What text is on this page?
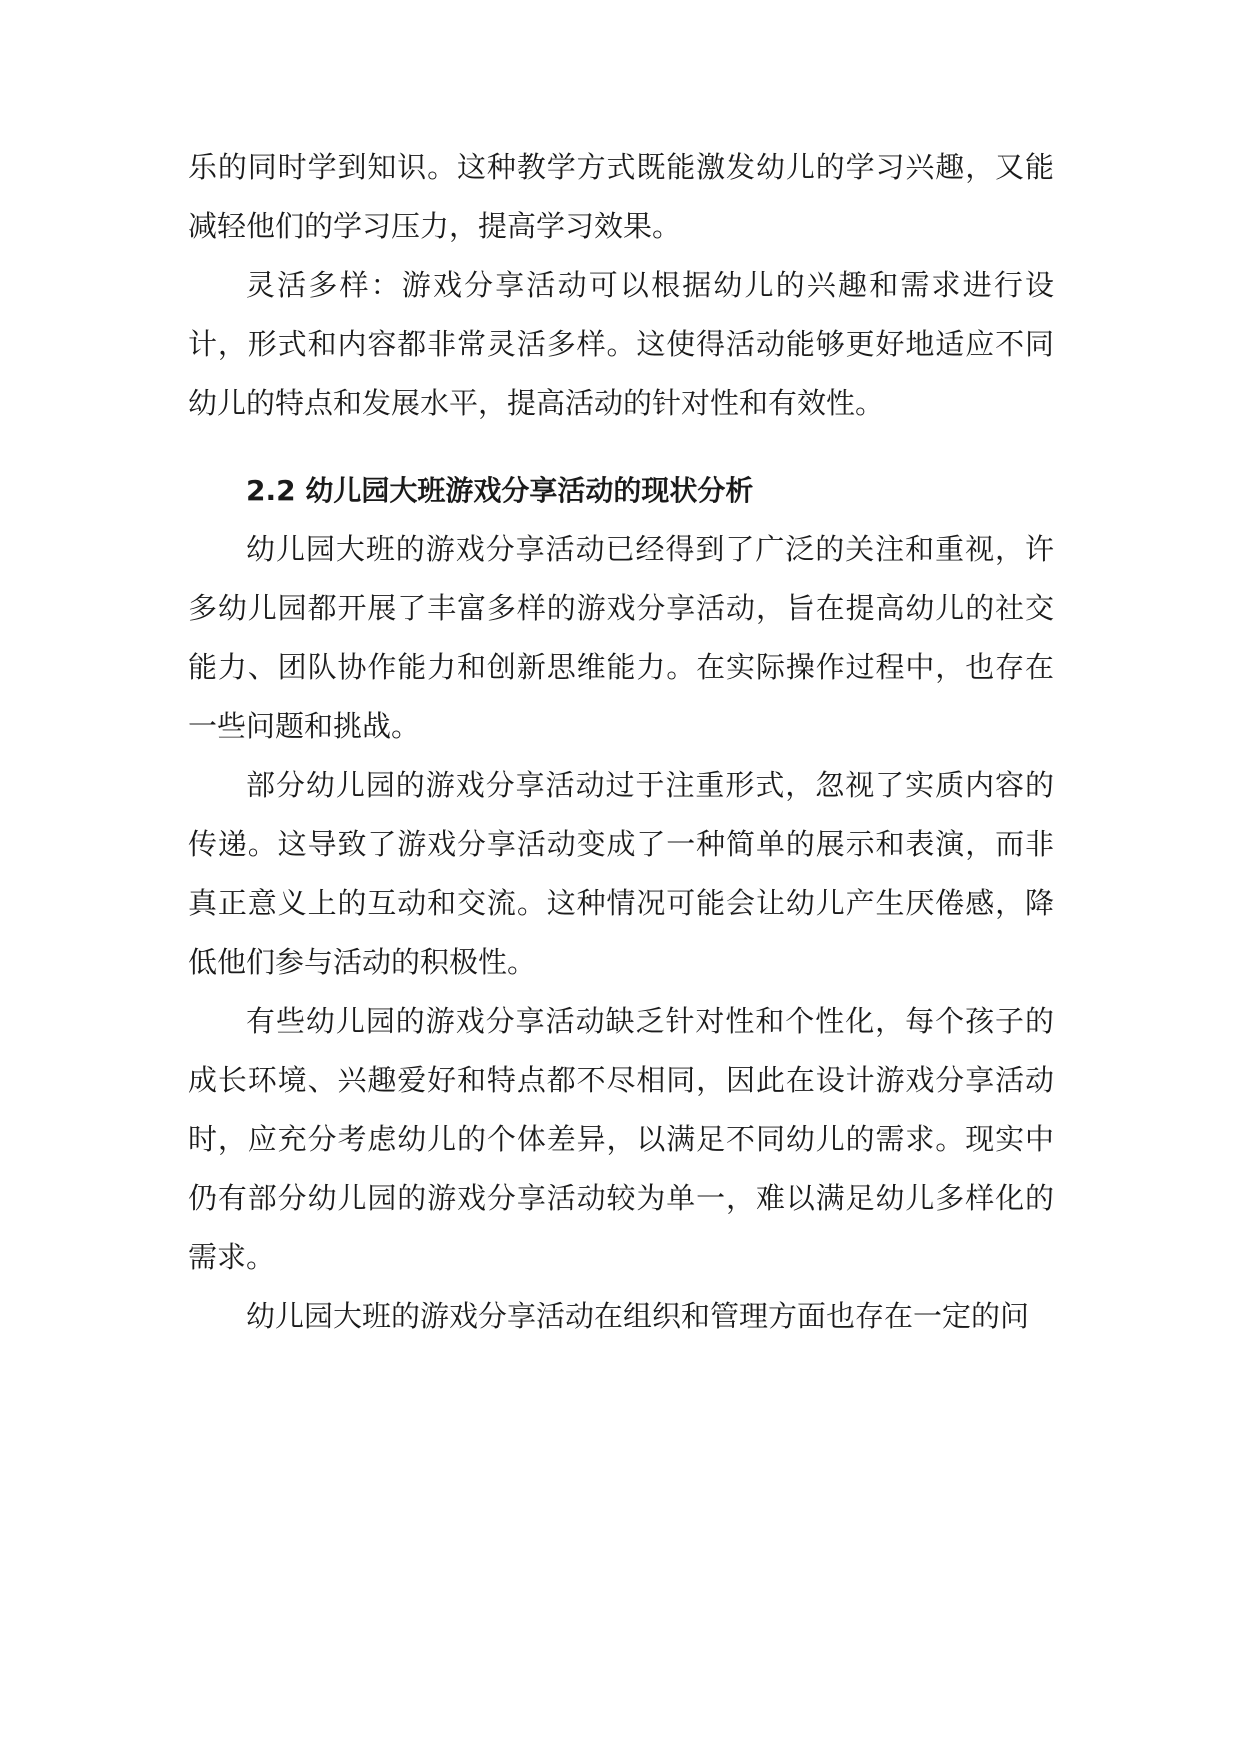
乐的同时学到知识。这种教学方式既能激发幼儿的学习兴趣，又能减轻他们的学习压力，提高学习效果。

灵活多样：游戏分享活动可以根据幼儿的兴趣和需求进行设计，形式和内容都非常灵活多样。这使得活动能够更好地适应不同幼儿的特点和发展水平，提高活动的针对性和有效性。

2.2 幼儿园大班游戏分享活动的现状分析

幼儿园大班的游戏分享活动已经得到了广泛的关注和重视，许多幼儿园都开展了丰富多样的游戏分享活动，旨在提高幼儿的社交能力、团队协作能力和创新思维能力。在实际操作过程中，也存在一些问题和挑战。

部分幼儿园的游戏分享活动过于注重形式，忽视了实质内容的传递。这导致了游戏分享活动变成了一种简单的展示和表演，而非真正意义上的互动和交流。这种情况可能会让幼儿产生厌倦感，降低他们参与活动的积极性。

有些幼儿园的游戏分享活动缺乏针对性和个性化，每个孩子的成长环境、兴趣爱好和特点都不尽相同，因此在设计游戏分享活动时，应充分考虑幼儿的个体差异，以满足不同幼儿的需求。现实中仍有部分幼儿园的游戏分享活动较为单一，难以满足幼儿多样化的需求。

幼儿园大班的游戏分享活动在组织和管理方面也存在一定的问
